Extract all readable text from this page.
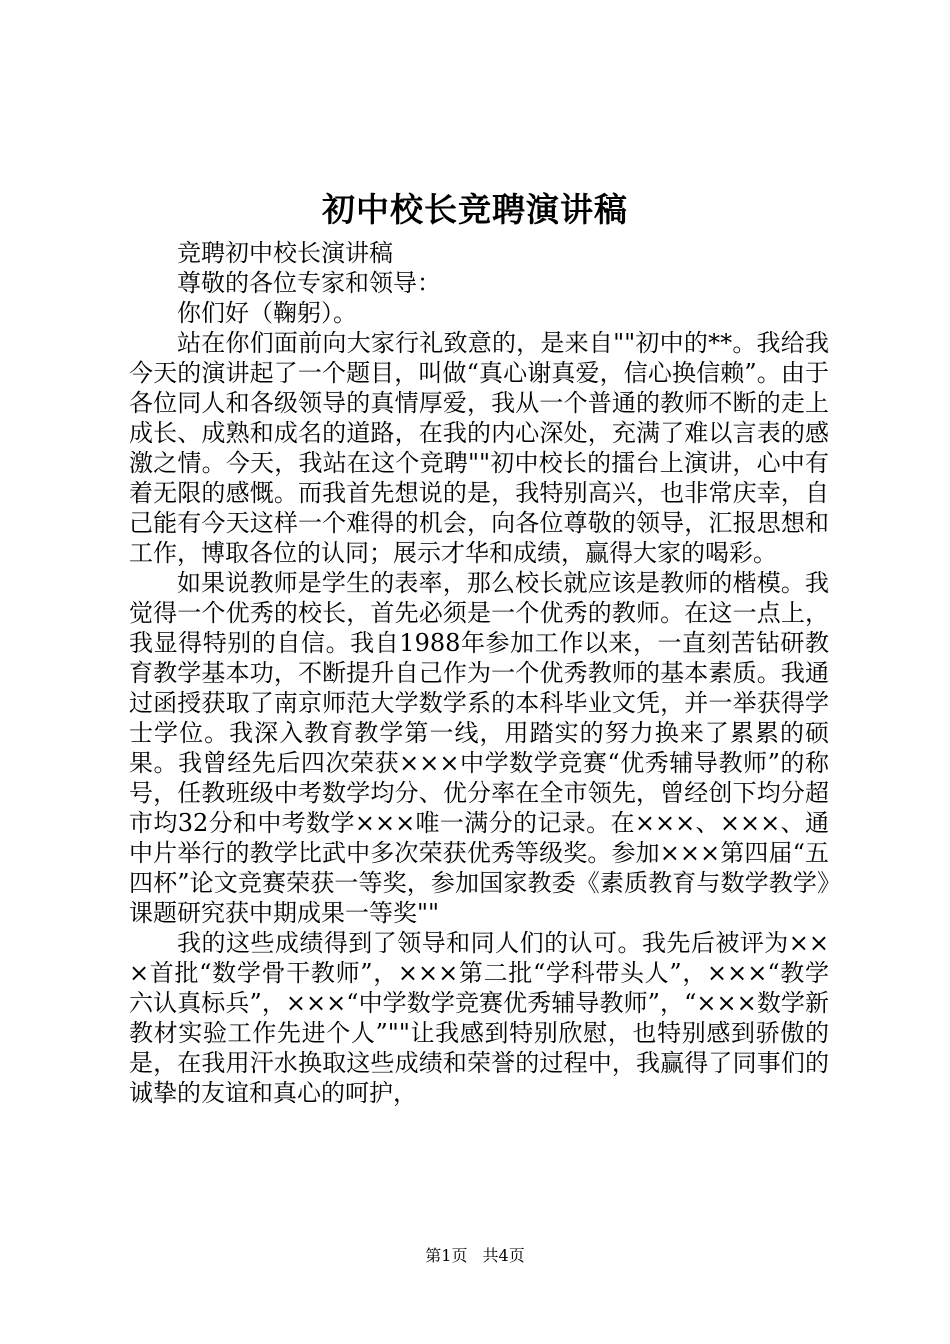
初中校长竞聘演讲稿

竞聘初中校长演讲稿

尊敬的各位专家和领导：

你们好（鞠躬）。

站在你们面前向大家行礼致意的，是来自""初中的**。我给我今天的演讲起了一个题目，叫做“真心谢真爱，信心换信赖”。由于各位同人和各级领导的真情厚爱，我从一个普通的教师不断的走上成长、成熟和成名的道路，在我的内心深处，充满了难以言表的感激之情。今天，我站在这个竞聘""初中校长的擂台上演讲，心中有着无限的感慨。而我首先想说的是，我特别高兴，也非常庆幸，自己能有今天这样一个难得的机会，向各位尊敬的领导，汇报思想和工作，博取各位的认同；展示才华和成绩，赢得大家的喝彩。

如果说教师是学生的表率，那么校长就应该是教师的楷模。我觉得一个优秀的校长，首先必须是一个优秀的教师。在这一点上，我显得特别的自信。我自1988年参加工作以来，一直刻苦钻研教育教学基本功，不断提升自己作为一个优秀教师的基本素质。我通过函授获取了南京师范大学数学系的本科毕业文凭，并一举获得学士学位。我深入教育教学第一线，用踏实的努力换来了累累的硕果。我曾经先后四次荣获×××中学数学竞赛“优秀辅导教师”的称号，任教班级中考数学均分、优分率在全市领先，曾经创下均分超市均32分和中考数学×××唯一满分的记录。在×××、×××、通中片举行的教学比武中多次荣获优秀等级奖。参加×××第四届“五四杯”论文竞赛荣获一等奖，参加国家教委《素质教育与数学教学》课题研究获中期成果一等奖""

我的这些成绩得到了领导和同人们的认可。我先后被评为×××首批“数学骨干教师”，×××第二批“学科带头人”，×××“教学六认真标兵”，×××“中学数学竞赛优秀辅导教师”，“×××数学新教材实验工作先进个人”""让我感到特别欣慰，也特别感到骄傲的是，在我用汗水换取这些成绩和荣誉的过程中，我赢得了同事们的诚挚的友谊和真心的呵护，

第1页 共4页
